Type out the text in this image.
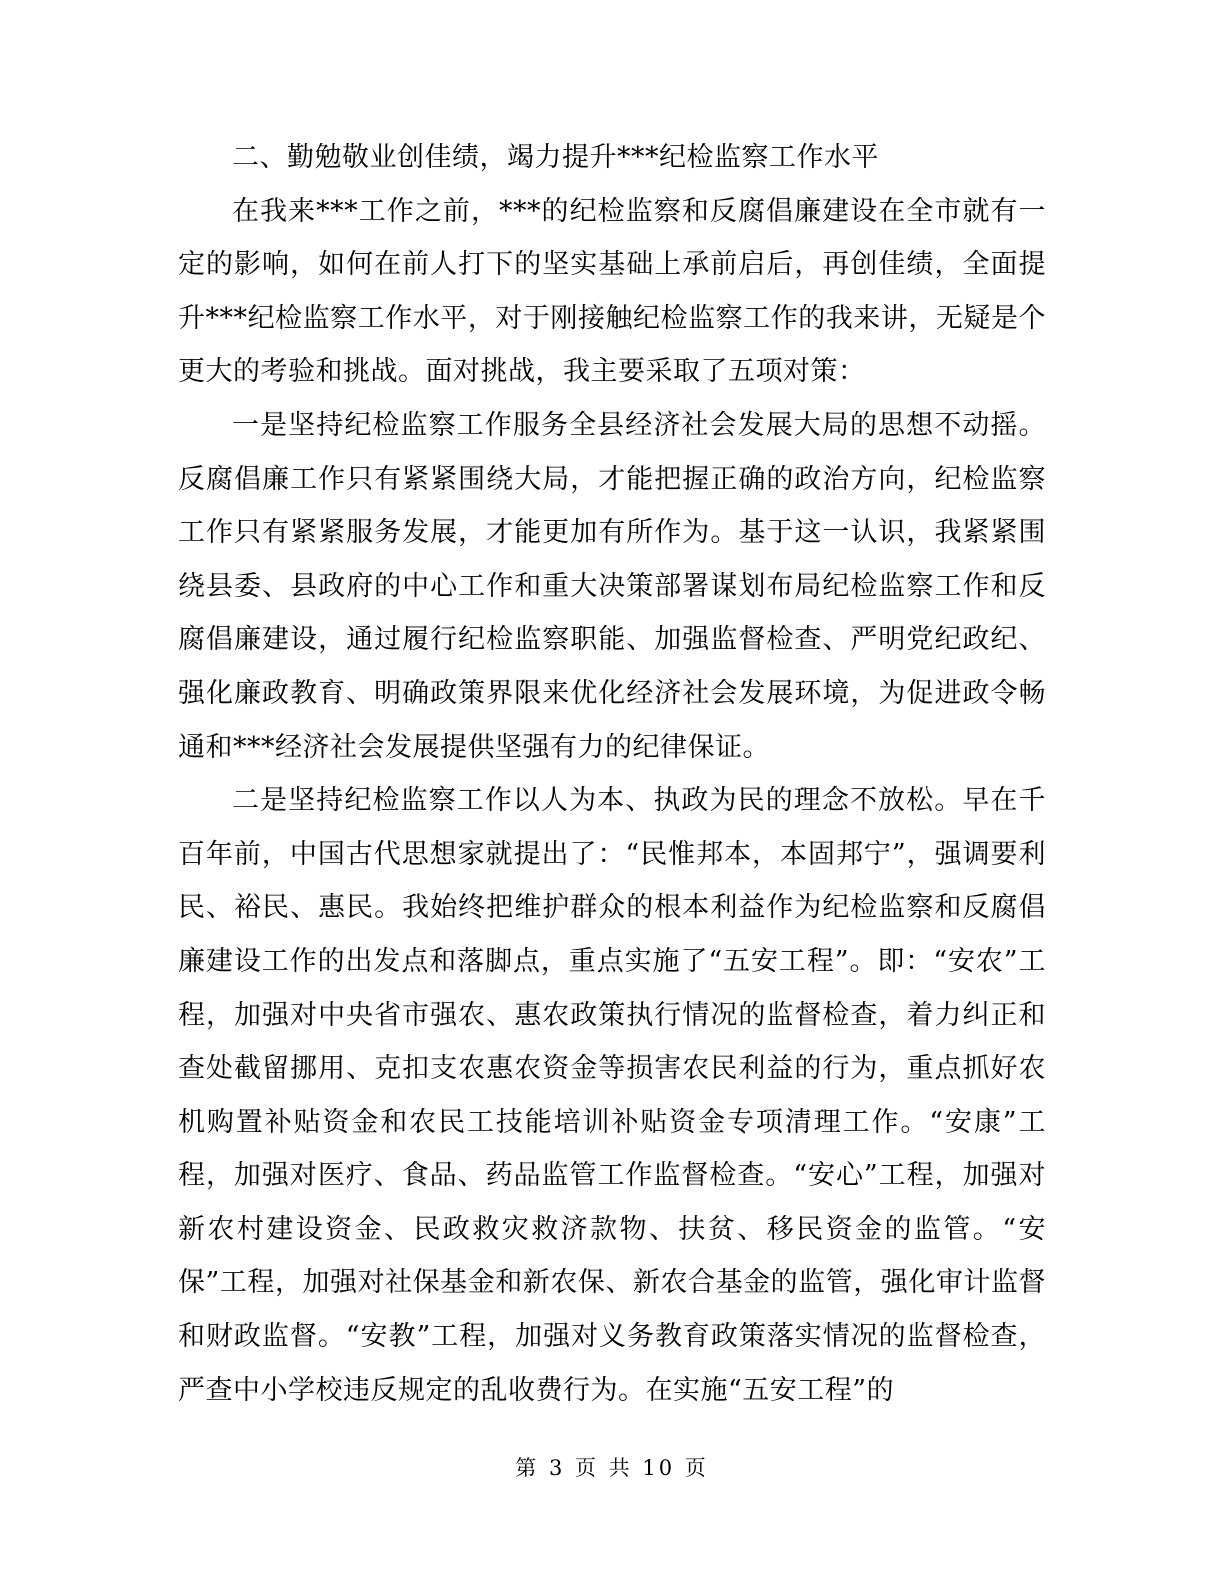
二、勤勉敬业创佳绩，竭力提升***纪检监察工作水平

在我来***工作之前，***的纪检监察和反腐倡廉建设在全市就有一定的影响，如何在前人打下的坚实基础上承前启后，再创佳绩，全面提升***纪检监察工作水平，对于刚接触纪检监察工作的我来讲，无疑是个更大的考验和挑战。面对挑战，我主要采取了五项对策：

一是坚持纪检监察工作服务全县经济社会发展大局的思想不动摇。反腐倡廉工作只有紧紧围绕大局，才能把握正确的政治方向，纪检监察工作只有紧紧服务发展，才能更加有所作为。基于这一认识，我紧紧围绕县委、县政府的中心工作和重大决策部署谋划布局纪检监察工作和反腐倡廉建设，通过履行纪检监察职能、加强监督检查、严明党纪政纪、强化廉政教育、明确政策界限来优化经济社会发展环境，为促进政令畅通和***经济社会发展提供坚强有力的纪律保证。

二是坚持纪检监察工作以人为本、执政为民的理念不放松。早在千百年前，中国古代思想家就提出了：“民惟邦本，本固邦宁”，强调要利民、裕民、惠民。我始终把维护群众的根本利益作为纪检监察和反腐倡廉建设工作的出发点和落脚点，重点实施了“五安工程”。即：“安农”工程，加强对中央省市强农、惠农政策执行情况的监督检查，着力纠正和查处截留挪用、克扣支农惠农资金等损害农民利益的行为，重点抓好农机购置补贴资金和农民工技能培训补贴资金专项清理工作。“安康”工程，加强对医疗、食品、药品监管工作监督检查。“安心”工程，加强对新农村建设资金、民政救灾救济款物、扶贫、移民资金的监管。“安保”工程，加强对社保基金和新农保、新农合基金的监管，强化审计监督和财政监督。“安教”工程，加强对义务教育政策落实情况的监督检查，严查中小学校违反规定的乱收费行为。在实施“五安工程”的

第 3 页 共 10 页
